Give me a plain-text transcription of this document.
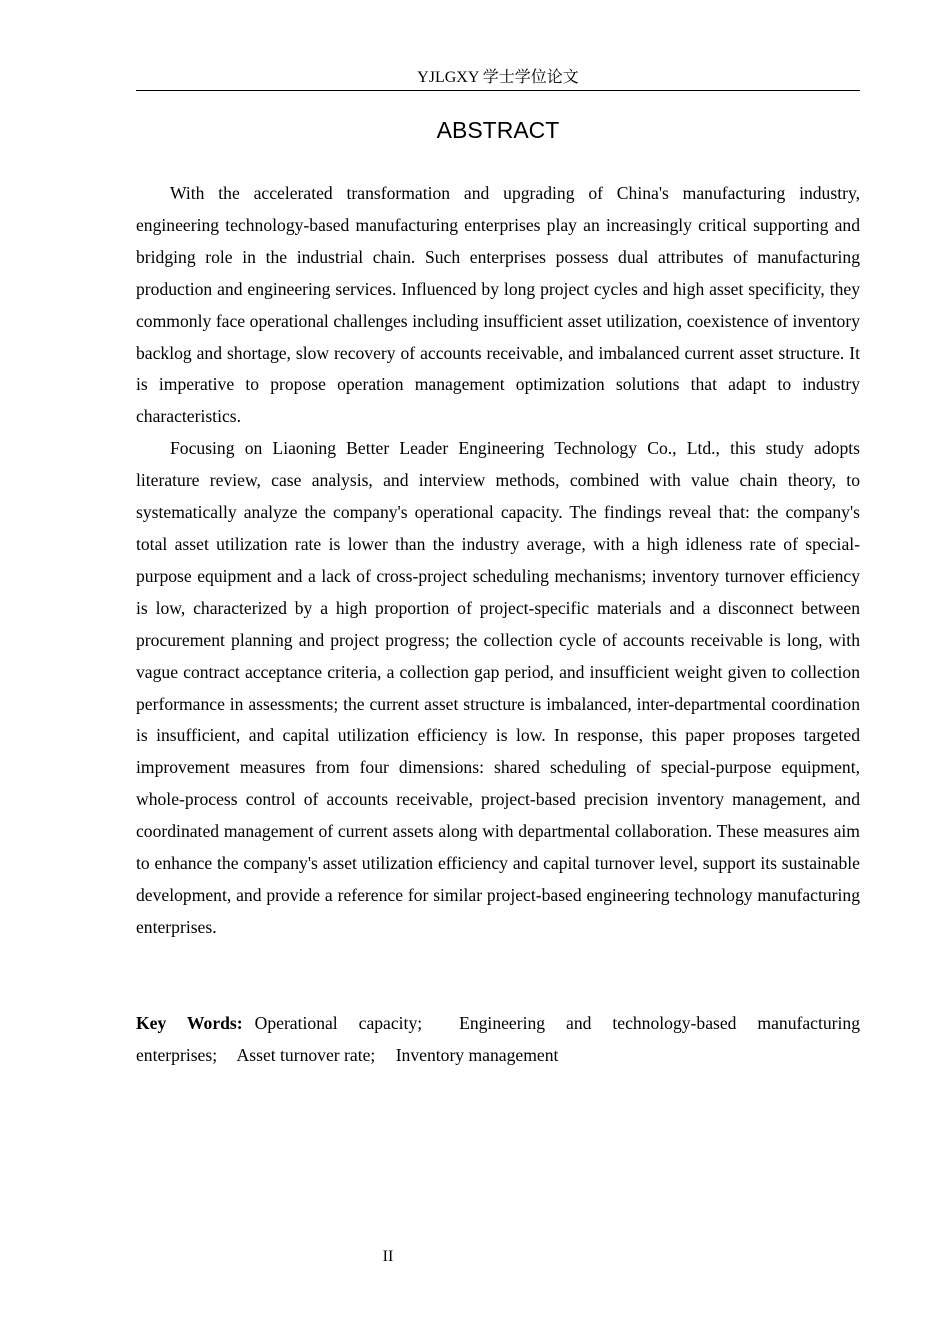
YJLGXY 学士学位论文
ABSTRACT

With the accelerated transformation and upgrading of China's manufacturing industry, engineering technology-based manufacturing enterprises play an increasingly critical supporting and bridging role in the industrial chain. Such enterprises possess dual attributes of manufacturing production and engineering services. Influenced by long project cycles and high asset specificity, they commonly face operational challenges including insufficient asset utilization, coexistence of inventory backlog and shortage, slow recovery of accounts receivable, and imbalanced current asset structure. It is imperative to propose operation management optimization solutions that adapt to industry characteristics.

Focusing on Liaoning Better Leader Engineering Technology Co., Ltd., this study adopts literature review, case analysis, and interview methods, combined with value chain theory, to systematically analyze the company's operational capacity. The findings reveal that: the company's total asset utilization rate is lower than the industry average, with a high idleness rate of special-purpose equipment and a lack of cross-project scheduling mechanisms; inventory turnover efficiency is low, characterized by a high proportion of project-specific materials and a disconnect between procurement planning and project progress; the collection cycle of accounts receivable is long, with vague contract acceptance criteria, a collection gap period, and insufficient weight given to collection performance in assessments; the current asset structure is imbalanced, inter-departmental coordination is insufficient, and capital utilization efficiency is low. In response, this paper proposes targeted improvement measures from four dimensions: shared scheduling of special-purpose equipment, whole-process control of accounts receivable, project-based precision inventory management, and coordinated management of current assets along with departmental collaboration. These measures aim to enhance the company's asset utilization efficiency and capital turnover level, support its sustainable development, and provide a reference for similar project-based engineering technology manufacturing enterprises.

Key Words: Operational capacity; Engineering and technology-based manufacturing enterprises; Asset turnover rate; Inventory management

II
